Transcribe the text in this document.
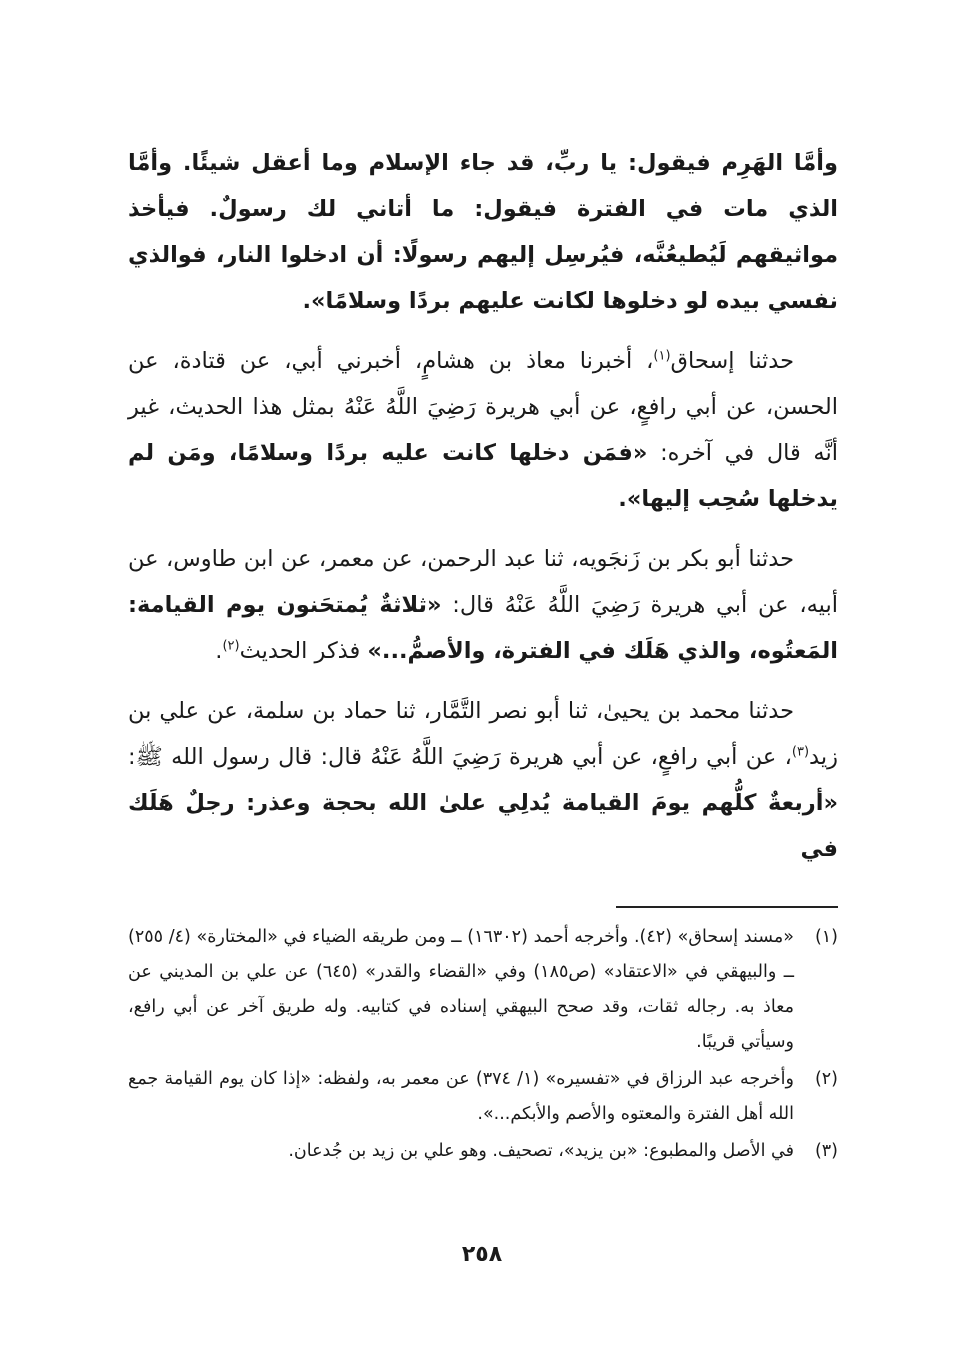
وأمَّا الهَرِم فيقول: يا ربِّ، قد جاء الإسلام وما أعقل شيئًا. وأمَّا الذي مات في الفترة فيقول: ما أتاني لك رسولٌ. فيأخذ مواثيقهم لَيُطيعُنَّه، فيُرسِل إليهم رسولًا: أن ادخلوا النار، فوالذي نفسي بيده لو دخلوها لكانت عليهم بردًا وسلامًا».
حدثنا إسحاق$^{(١)}$، أخبرنا معاذ بن هشامٍ، أخبرني أبي، عن قتادة، عن الحسن، عن أبي رافعٍ، عن أبي هريرة رَضِيَ اللَّهُ عَنْهُ بمثل هذا الحديث، غير أنَّه قال في آخره: «فمَن دخلها كانت عليه بردًا وسلامًا، ومَن لم يدخلها سُحِب إليها».
حدثنا أبو بكر بن زَنجَويه، ثنا عبد الرحمن، عن معمر، عن ابن طاوس، عن أبيه، عن أبي هريرة رَضِيَ اللَّهُ عَنْهُ قال: «ثلاثةٌ يُمتحَنون يوم القيامة: المَعتُوه، والذي هَلَك في الفترة، والأصمُّ...» فذكر الحديث$^{(٢)}$.
حدثنا محمد بن يحيىٰ، ثنا أبو نصر التَّمَّار، ثنا حماد بن سلمة، عن علي بن زيد$^{(٣)}$، عن أبي رافعٍ، عن أبي هريرة رَضِيَ اللَّهُ عَنْهُ قال: قال رسول الله ﷺ: «أربعةٌ كلُّهم يومَ القيامة يُدلِي علىٰ الله بحجة وعذر: رجلٌ هَلَك في
(١)
«مسند إسحاق» (٤٢). وأخرجه أحمد (١٦٣٠٢) ــ ومن طريقه الضياء في «المختارة» (٤/ ٢٥٥) ــ والبيهقي في «الاعتقاد» (ص١٨٥) وفي «القضاء والقدر» (٦٤٥) عن علي بن المديني عن معاذ به. رجاله ثقات، وقد صحح البيهقي إسناده في كتابيه. وله طريق آخر عن أبي رافع، وسيأتي قريبًا.
(٢)
وأخرجه عبد الرزاق في «تفسيره» (١/ ٣٧٤) عن معمر به، ولفظه: «إذا كان يوم القيامة جمع الله أهل الفترة والمعتوه والأصم والأبكم...».
(٣)
في الأصل والمطبوع: «بن يزيد»، تصحيف. وهو علي بن زيد بن جُدعان.
٢٥٨
